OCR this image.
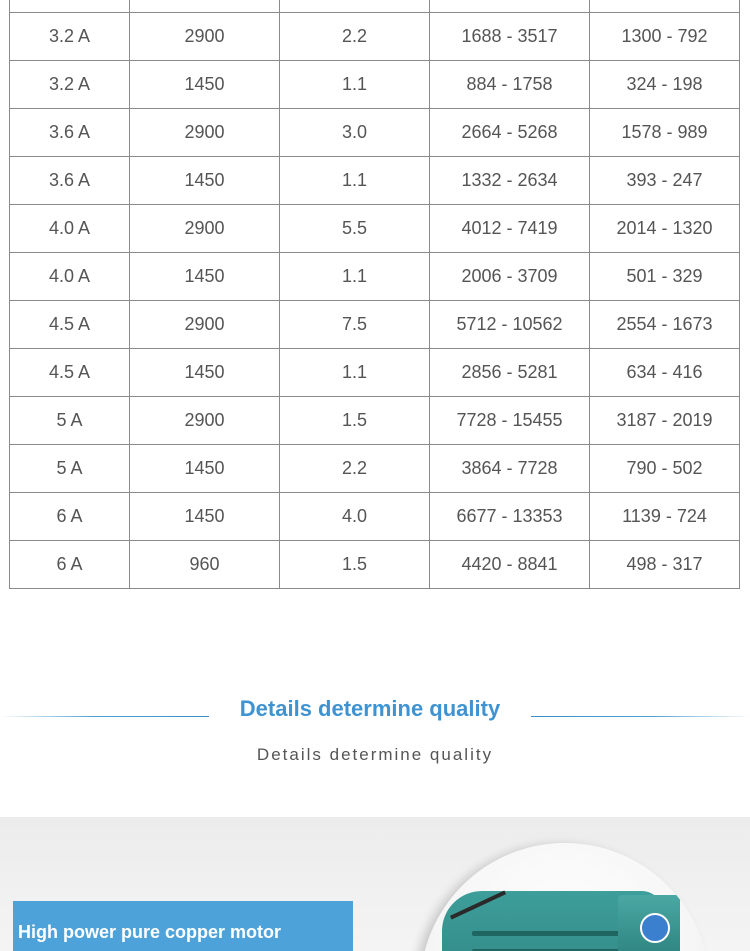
3.2 A	2900	2.2	1688 - 3517	1300 - 792
3.2 A	1450	1.1	884 - 1758	324 - 198
3.6 A	2900	3.0	2664 - 5268	1578 - 989
3.6 A	1450	1.1	1332 - 2634	393 - 247
4.0 A	2900	5.5	4012 - 7419	2014 - 1320
4.0 A	1450	1.1	2006 - 3709	501 - 329
4.5 A	2900	7.5	5712 - 10562	2554 - 1673
4.5 A	1450	1.1	2856 - 5281	634 - 416
5 A	2900	1.5	7728 - 15455	3187 - 2019
5 A	1450	2.2	3864 - 7728	790 - 502
6 A	1450	4.0	6677 - 13353	1139 - 724
6 A	960	1.5	4420 - 8841	498 - 317
Details determine quality

Details determine quality

High power pure copper motor
